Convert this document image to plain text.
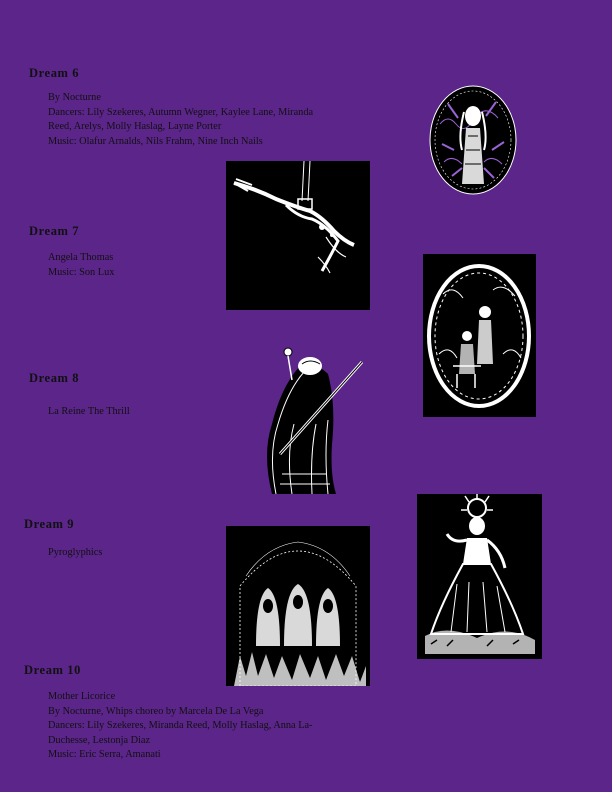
Dream 6
By Nocturne
Dancers: Lily Szekeres, Autumn Wegner, Kaylee Lane, Miranda
Reed, Arelys, Molly Haslag, Layne Porter
Music: Olafur Arnalds, Nils Frahm, Nine Inch Nails
Dream 7
Angela Thomas
Music: Son Lux
Dream 8
La Reine The Thrill
Dream 9
Pyroglyphics
Dream 10
Mother Licorice
By Nocturne, Whips choreo by Marcela De La Vega
Dancers: Lily Szekeres, Miranda Reed, Molly Haslag, Anna La-
Duchesse, Lestonja Diaz
Music: Eric Serra, Amanati
